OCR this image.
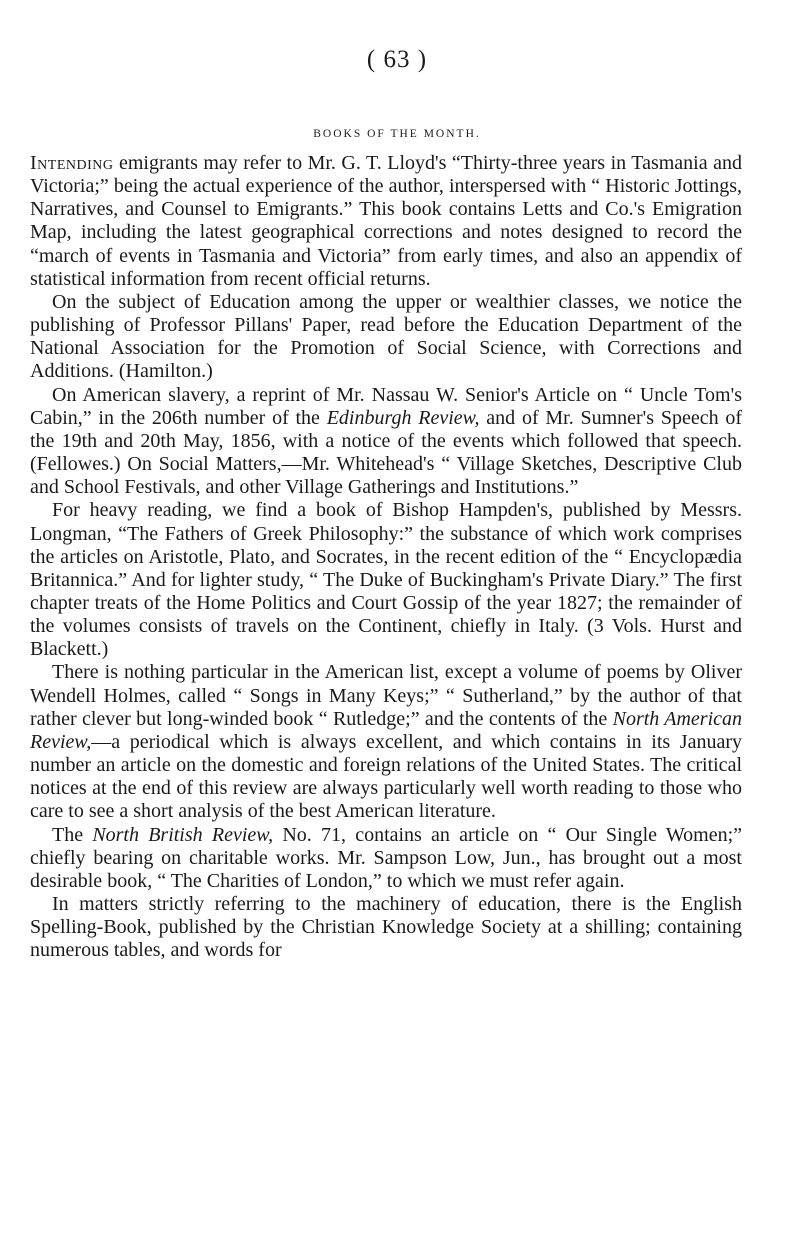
( 63 )
BOOKS OF THE MONTH.

Intending emigrants may refer to Mr. G. T. Lloyd's “Thirty-three years in Tasmania and Victoria;” being the actual experience of the author, interspersed with “ Historic Jottings, Narratives, and Counsel to Emigrants.” This book contains Letts and Co.'s Emigration Map, including the latest geographical corrections and notes designed to record the “march of events in Tasmania and Victoria” from early times, and also an appendix of statistical information from recent official returns.

On the subject of Education among the upper or wealthier classes, we notice the publishing of Professor Pillans' Paper, read before the Education Department of the National Association for the Promotion of Social Science, with Corrections and Additions. (Hamilton.)

On American slavery, a reprint of Mr. Nassau W. Senior's Article on “ Uncle Tom's Cabin,” in the 206th number of the Edinburgh Review, and of Mr. Sumner's Speech of the 19th and 20th May, 1856, with a notice of the events which followed that speech. (Fellowes.) On Social Matters,—Mr. Whitehead's “ Village Sketches, Descriptive Club and School Festivals, and other Village Gatherings and Institutions.”

For heavy reading, we find a book of Bishop Hampden's, published by Messrs. Longman, “The Fathers of Greek Philosophy:” the substance of which work comprises the articles on Aristotle, Plato, and Socrates, in the recent edition of the “ Encyclopædia Britannica.” And for lighter study, “ The Duke of Buckingham's Private Diary.” The first chapter treats of the Home Politics and Court Gossip of the year 1827; the remainder of the volumes consists of travels on the Continent, chiefly in Italy. (3 Vols. Hurst and Blackett.)

There is nothing particular in the American list, except a volume of poems by Oliver Wendell Holmes, called “ Songs in Many Keys;” “ Sutherland,” by the author of that rather clever but long-winded book “ Rutledge;” and the contents of the North American Review,—a periodical which is always excellent, and which contains in its January number an article on the domestic and foreign relations of the United States. The critical notices at the end of this review are always particularly well worth reading to those who care to see a short analysis of the best American literature.

The North British Review, No. 71, contains an article on “ Our Single Women;” chiefly bearing on charitable works. Mr. Sampson Low, Jun., has brought out a most desirable book, “ The Charities of London,” to which we must refer again.

In matters strictly referring to the machinery of education, there is the English Spelling-Book, published by the Christian Knowledge Society at a shilling; containing numerous tables, and words for
